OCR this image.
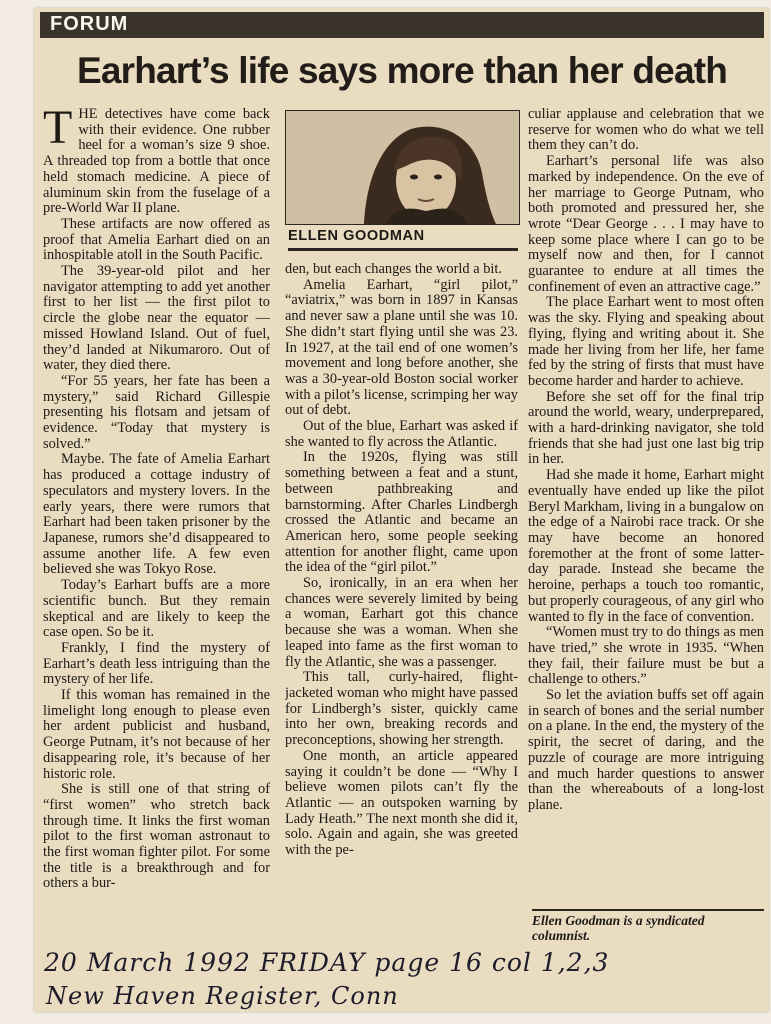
FORUM
Earhart’s life says more than her death

THE detectives have come back with their evidence. One rubber heel for a woman’s size 9 shoe. A threaded top from a bottle that once held stomach medicine. A piece of aluminum skin from the fuselage of a pre-World War II plane.

These artifacts are now offered as proof that Amelia Earhart died on an inhospitable atoll in the South Pacific.

The 39-year-old pilot and her navigator attempting to add yet another first to her list — the first pilot to circle the globe near the equator — missed Howland Island. Out of fuel, they’d landed at Nikumaroro. Out of water, they died there.

“For 55 years, her fate has been a mystery,” said Richard Gillespie presenting his flotsam and jetsam of evidence. “Today that mystery is solved.”

Maybe. The fate of Amelia Earhart has produced a cottage industry of speculators and mystery lovers. In the early years, there were rumors that Earhart had been taken prisoner by the Japanese, rumors she’d disappeared to assume another life. A few even believed she was Tokyo Rose.

Today’s Earhart buffs are a more scientific bunch. But they remain skeptical and are likely to keep the case open. So be it.

Frankly, I find the mystery of Earhart’s death less intriguing than the mystery of her life.

If this woman has remained in the limelight long enough to please even her ardent publicist and husband, George Putnam, it’s not because of her disappearing role, it’s because of her historic role.

She is still one of that string of “first women” who stretch back through time. It links the first woman pilot to the first woman astronaut to the first woman fighter pilot. For some the title is a breakthrough and for others a bur-

ELLEN GOODMAN

den, but each changes the world a bit.

Amelia Earhart, “girl pilot,” “aviatrix,” was born in 1897 in Kansas and never saw a plane until she was 10. She didn’t start flying until she was 23. In 1927, at the tail end of one women’s movement and long before another, she was a 30-year-old Boston social worker with a pilot’s license, scrimping her way out of debt.

Out of the blue, Earhart was asked if she wanted to fly across the Atlantic.

In the 1920s, flying was still something between a feat and a stunt, between pathbreaking and barnstorming. After Charles Lindbergh crossed the Atlantic and became an American hero, some people seeking attention for another flight, came upon the idea of the “girl pilot.”

So, ironically, in an era when her chances were severely limited by being a woman, Earhart got this chance because she was a woman. When she leaped into fame as the first woman to fly the Atlantic, she was a passenger.

This tall, curly-haired, flight-jacketed woman who might have passed for Lindbergh’s sister, quickly came into her own, breaking records and preconceptions, showing her strength.

One month, an article appeared saying it couldn’t be done — “Why I believe women pilots can’t fly the Atlantic — an outspoken warning by Lady Heath.” The next month she did it, solo. Again and again, she was greeted with the pe-

culiar applause and celebration that we reserve for women who do what we tell them they can’t do.

Earhart’s personal life was also marked by independence. On the eve of her marriage to George Putnam, who both promoted and pressured her, she wrote “Dear George . . . I may have to keep some place where I can go to be myself now and then, for I cannot guarantee to endure at all times the confinement of even an attractive cage.”

The place Earhart went to most often was the sky. Flying and speaking about flying, flying and writing about it. She made her living from her life, her fame fed by the string of firsts that must have become harder and harder to achieve.

Before she set off for the final trip around the world, weary, underprepared, with a hard-drinking navigator, she told friends that she had just one last big trip in her.

Had she made it home, Earhart might eventually have ended up like the pilot Beryl Markham, living in a bungalow on the edge of a Nairobi race track. Or she may have become an honored foremother at the front of some latter-day parade. Instead she became the heroine, perhaps a touch too romantic, but properly courageous, of any girl who wanted to fly in the face of convention.

“Women must try to do things as men have tried,” she wrote in 1935. “When they fail, their failure must be but a challenge to others.”

So let the aviation buffs set off again in search of bones and the serial number on a plane. In the end, the mystery of the spirit, the secret of daring, and the puzzle of courage are more intriguing and much harder questions to answer than the whereabouts of a long-lost plane.

Ellen Goodman is a syndicated columnist.
20 March 1992 FRIDAY page 16 col 1,2,3
New Haven Register, Conn
